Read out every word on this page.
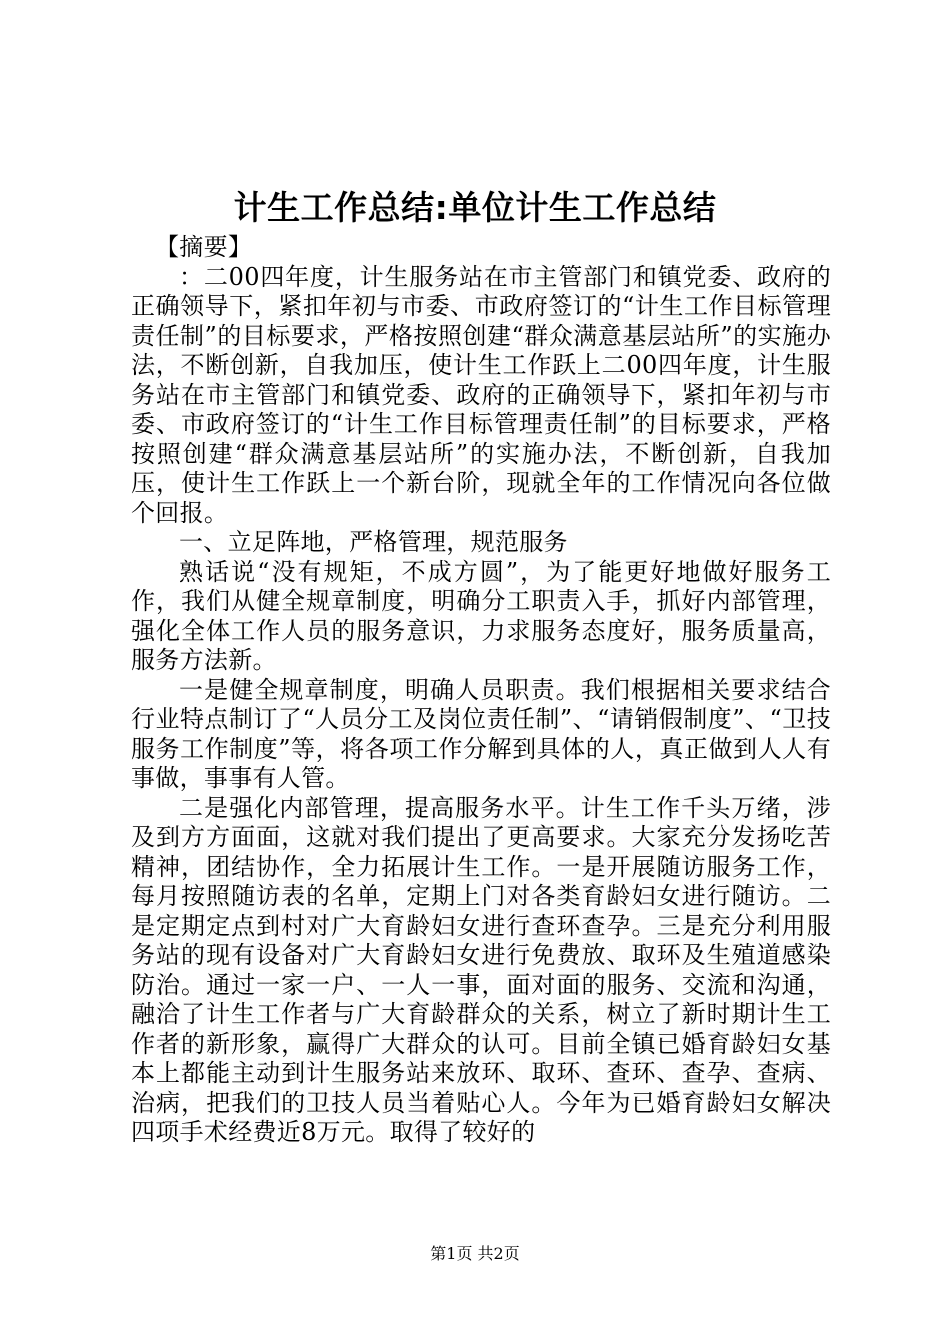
计生工作总结:单位计生工作总结

【摘要】

：二00四年度，计生服务站在市主管部门和镇党委、政府的正确领导下，紧扣年初与市委、市政府签订的“计生工作目标管理责任制”的目标要求，严格按照创建“群众满意基层站所”的实施办法，不断创新，自我加压，使计生工作跃上二00四年度，计生服务站在市主管部门和镇党委、政府的正确领导下，紧扣年初与市委、市政府签订的“计生工作目标管理责任制”的目标要求，严格按照创建“群众满意基层站所”的实施办法，不断创新，自我加压，使计生工作跃上一个新台阶，现就全年的工作情况向各位做个回报。

一、立足阵地，严格管理，规范服务

熟话说“没有规矩，不成方圆”，为了能更好地做好服务工作，我们从健全规章制度，明确分工职责入手，抓好内部管理，强化全体工作人员的服务意识，力求服务态度好，服务质量高，服务方法新。

一是健全规章制度，明确人员职责。我们根据相关要求结合行业特点制订了“人员分工及岗位责任制”、“请销假制度”、“卫技服务工作制度”等，将各项工作分解到具体的人，真正做到人人有事做，事事有人管。

二是强化内部管理，提高服务水平。计生工作千头万绪，涉及到方方面面，这就对我们提出了更高要求。大家充分发扬吃苦精神，团结协作，全力拓展计生工作。一是开展随访服务工作，每月按照随访表的名单，定期上门对各类育龄妇女进行随访。二是定期定点到村对广大育龄妇女进行查环查孕。三是充分利用服务站的现有设备对广大育龄妇女进行免费放、取环及生殖道感染防治。通过一家一户、一人一事，面对面的服务、交流和沟通，融洽了计生工作者与广大育龄群众的关系，树立了新时期计生工作者的新形象，赢得广大群众的认可。目前全镇已婚育龄妇女基本上都能主动到计生服务站来放环、取环、查环、查孕、查病、治病，把我们的卫技人员当着贴心人。今年为已婚育龄妇女解决四项手术经费近8万元。取得了较好的

第1页 共2页
